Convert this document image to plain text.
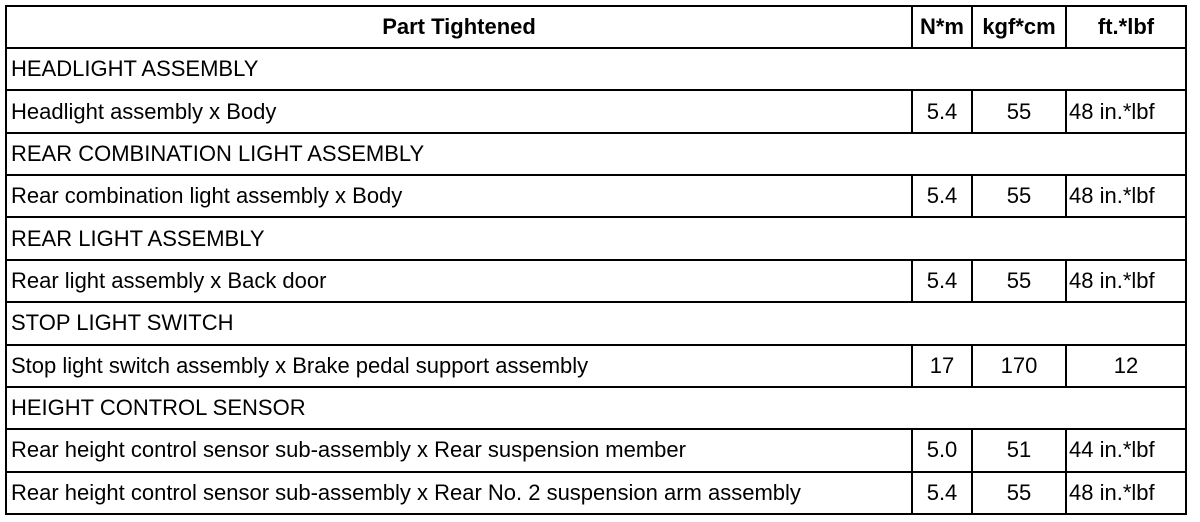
Part Tightened	N*m	kgf*cm	ft.*lbf
HEADLIGHT ASSEMBLY			
Headlight assembly x Body	5.4	55	48 in.*lbf
REAR COMBINATION LIGHT ASSEMBLY			
Rear combination light assembly x Body	5.4	55	48 in.*lbf
REAR LIGHT ASSEMBLY			
Rear light assembly x Back door	5.4	55	48 in.*lbf
STOP LIGHT SWITCH			
Stop light switch assembly x Brake pedal support assembly	17	170	12
HEIGHT CONTROL SENSOR			
Rear height control sensor sub-assembly x Rear suspension member	5.0	51	44 in.*lbf
Rear height control sensor sub-assembly x Rear No. 2 suspension arm assembly	5.4	55	48 in.*lbf
